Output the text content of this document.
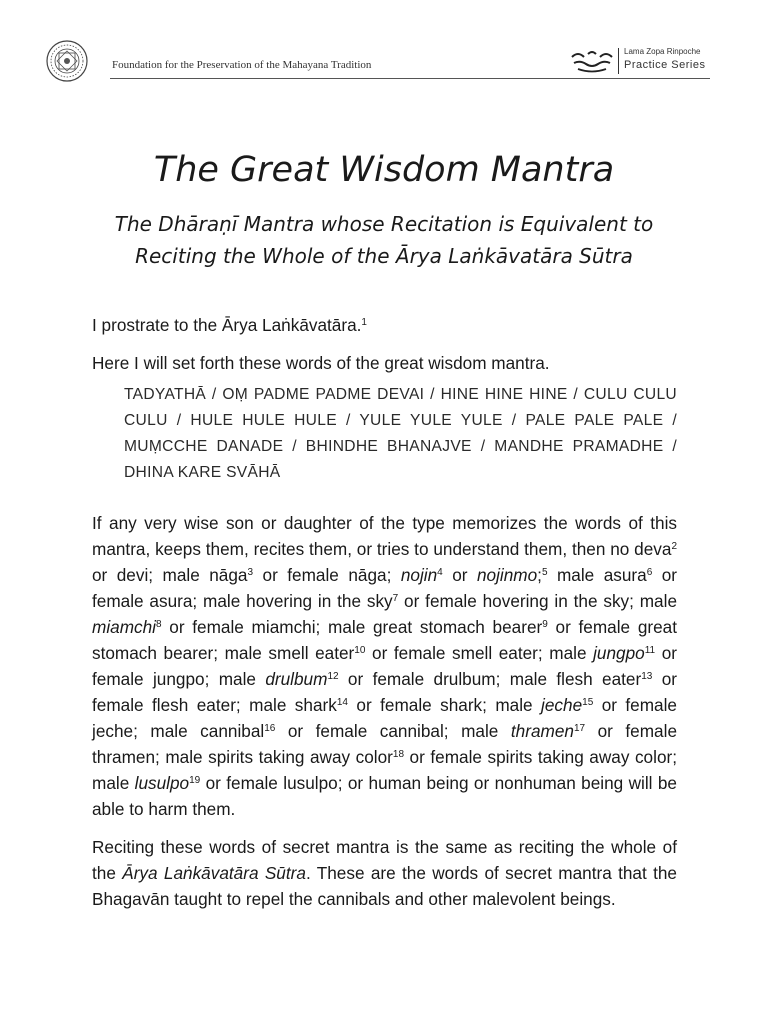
Foundation for the Preservation of the Mahayana Tradition
Lama Zopa Rinpoche
Practice Series
The Great Wisdom Mantra
The Dhāraṇī Mantra whose Recitation is Equivalent to Reciting the Whole of the Ārya Laṅkāvatāra Sūtra

I prostrate to the Ārya Laṅkāvatāra.$^1$

Here I will set forth these words of the great wisdom mantra.

TADYATHĀ / OṂ PADME PADME DEVAI / HINE HINE HINE / CULU CULU CULU / HULE HULE HULE / YULE YULE YULE / PALE PALE PALE / MUṂCCHE DANADE / BHINDHE BHANAJVE / MANDHE PRAMADHE / DHINA KARE SVĀHĀ

If any very wise son or daughter of the type memorizes the words of this mantra, keeps them, recites them, or tries to understand them, then no deva$^2$ or devi; male nāga$^3$ or female nāga; nojin$^4$ or nojinmo;$^5$ male asura$^6$ or female asura; male hovering in the sky$^7$ or female hovering in the sky; male miamchi$^8$ or female miamchi; male great stomach bearer$^9$ or female great stomach bearer; male smell eater$^{10}$ or female smell eater; male jungpo$^{11}$ or female jungpo; male drulbum$^{12}$ or female drulbum; male flesh eater$^{13}$ or female flesh eater; male shark$^{14}$ or female shark; male jeche$^{15}$ or female jeche; male cannibal$^{16}$ or female cannibal; male thramen$^{17}$ or female thramen; male spirits taking away color$^{18}$ or female spirits taking away color; male lusulpo$^{19}$ or female lusulpo; or human being or nonhuman being will be able to harm them.

Reciting these words of secret mantra is the same as reciting the whole of the Ārya Laṅkāvatāra Sūtra. These are the words of secret mantra that the Bhagavān taught to repel the cannibals and other malevolent beings.
